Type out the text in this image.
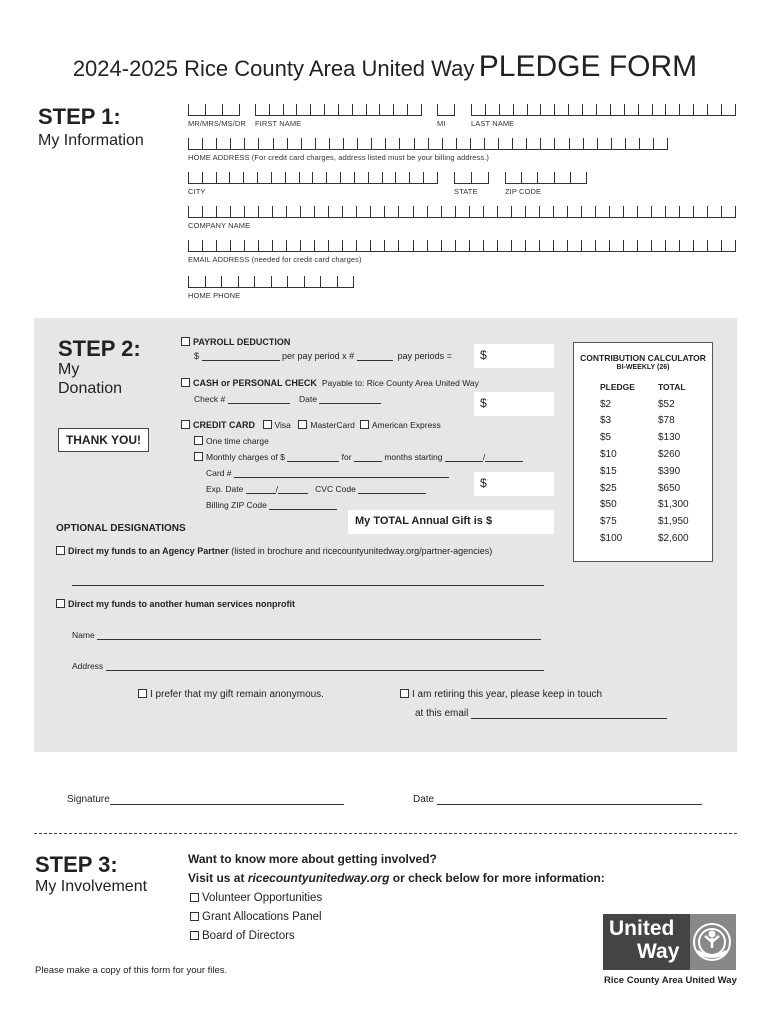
2024-2025 Rice County Area United Way PLEDGE FORM
STEP 1:
My Information
MR/MRS/MS/DR FIRST NAME	MI	LAST NAME
HOME ADDRESS (For credit card charges, address listed must be your billing address.)
CITY	STATE	ZIP CODE
COMPANY NAME
EMAIL ADDRESS (needed for credit card charges)
HOME PHONE
STEP 2:
My
Donation
THANK YOU!
PAYROLL DEDUCTION
$	per pay period x #	pay periods =	$
CASH or PERSONAL CHECK Payable to: Rice County Area United Way
Check #	Date	$
CREDIT CARD Visa MasterCard American Express
One time charge
Monthly charges of $	for	months starting	/
Card #
Exp. Date	/	CVC Code
Billing ZIP Code
$
My TOTAL Annual Gift is $
CONTRIBUTION CALCULATOR
BI-WEEKLY (26)
PLEDGE	TOTAL
$2	$52
$3	$78
$5	$130
$10	$260
$15	$390
$25	$650
$50	$1,300
$75	$1,950
$100	$2,600
OPTIONAL DESIGNATIONS
Direct my funds to an Agency Partner (listed in brochure and ricecountyunitedway.org/partner-agencies)
Direct my funds to another human services nonprofit
Name
Address
I prefer that my gift remain anonymous.	I am retiring this year, please keep in touch
at this email
Signature	Date
STEP 3:
My Involvement
Want to know more about getting involved?
Visit us at ricecountyunitedway.org or check below for more information:
Volunteer Opportunities
Grant Allocations Panel
Board of Directors
Please make a copy of this form for your files.
United
Way
Rice County Area United Way
